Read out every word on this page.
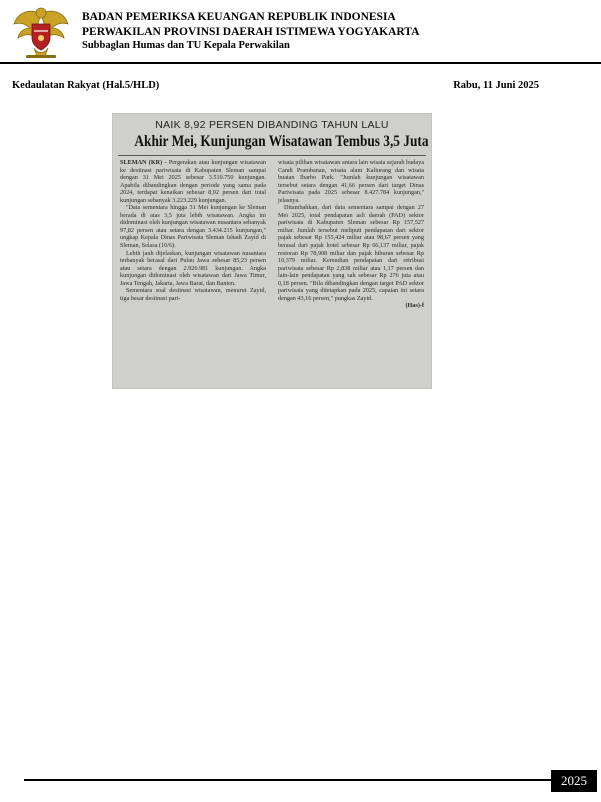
BADAN PEMERIKSA KEUANGAN REPUBLIK INDONESIA
PERWAKILAN PROVINSI DAERAH ISTIMEWA YOGYAKARTA
Subbaglan Humas dan TU Kepala Perwakilan
Kedaulatan Rakyat (Hal.5/HLD)	Rabu, 11 Juni 2025
NAIK 8,92 PERSEN DIBANDING TAHUN LALU
Akhir Mei, Kunjungan Wisatawan Tembus 3,5 Juta

SLEMAN (KR) - Pergerakan atau kunjungan wisatawan ke destinasi pariwisata di Kabupaten Sleman sampai dengan 31 Mei 2025 sebesar 3.510.750 kunjungan. Apabila dibandingkan dengan periode yang sama pada 2024, terdapat kenaikan sebesar 8,92 persen dari total kunjungan sebanyak 3.223.229 kunjungan.

"Data sementara hingga 31 Mei kunjungan ke Sleman berada di atas 3,5 juta lebih wisatawan. Angka ini didominasi oleh kunjungan wisatawan nusantara sebanyak 97,82 persen atau setara dengan 3.434.215 kunjungan," ungkap Kepala Dinas Pariwisata Sleman Ishadi Zayid di Sleman, Selasa (10/6).

Lebih jauh dijelaskan, kunjungan wisatawan nusantara terbanyak berasal dari Pulau Jawa sebesar 85,23 persen atau setara dengan 2.926.981 kunjungan. Angka kunjungan didominasi oleh wisatawan dari Jawa Timur, Jawa Tengah, Jakarta, Jawa Barat, dan Banten.

Sementara soal destinasi wisatawan, menurut Zayid, tiga besar destinasi pari-

wisata pilihan wisatawan antara lain wisata sejarah budaya Candi Prambanan, wisata alam Kaliurang dan wisata buatan Ibarbo Park. "Jumlah kunjungan wisatawan tersebut setara dengan 41,66 persen dari target Dinas Pariwisata pada 2025 sebesar 8.427.784 kunjungan," jelasnya.

Ditambahkan, dari data sementara sampai dengan 27 Mei 2025, total pendapatan asli daerah (PAD) sektor pariwisata di Kabupaten Sleman sebesar Rp 157,527 miliar. Jumlah tersebut meliputi pendapatan dari sektor pajak sebesar Rp 155,424 miliar atau 98,67 persen yang berasal dari pajak hotel sebesar Rp 66,137 miliar, pajak restoran Rp 78,908 miliar dan pajak hiburan sebesar Rp 10,379 miliar. Kemudian pendapatan dari retribusi pariwisata sebesar Rp 2,838 miliar atau 1,17 persen dan lain-lain pendapatan yang sah sebesar Rp 276 juta atau 0,18 persen. "Bila dibandingkan dengan target PAD sektor pariwisata yang ditetapkan pada 2025, capaian ini setara dengan 43,16 persen," pungkas Zayid.

(Has)-f

2025
